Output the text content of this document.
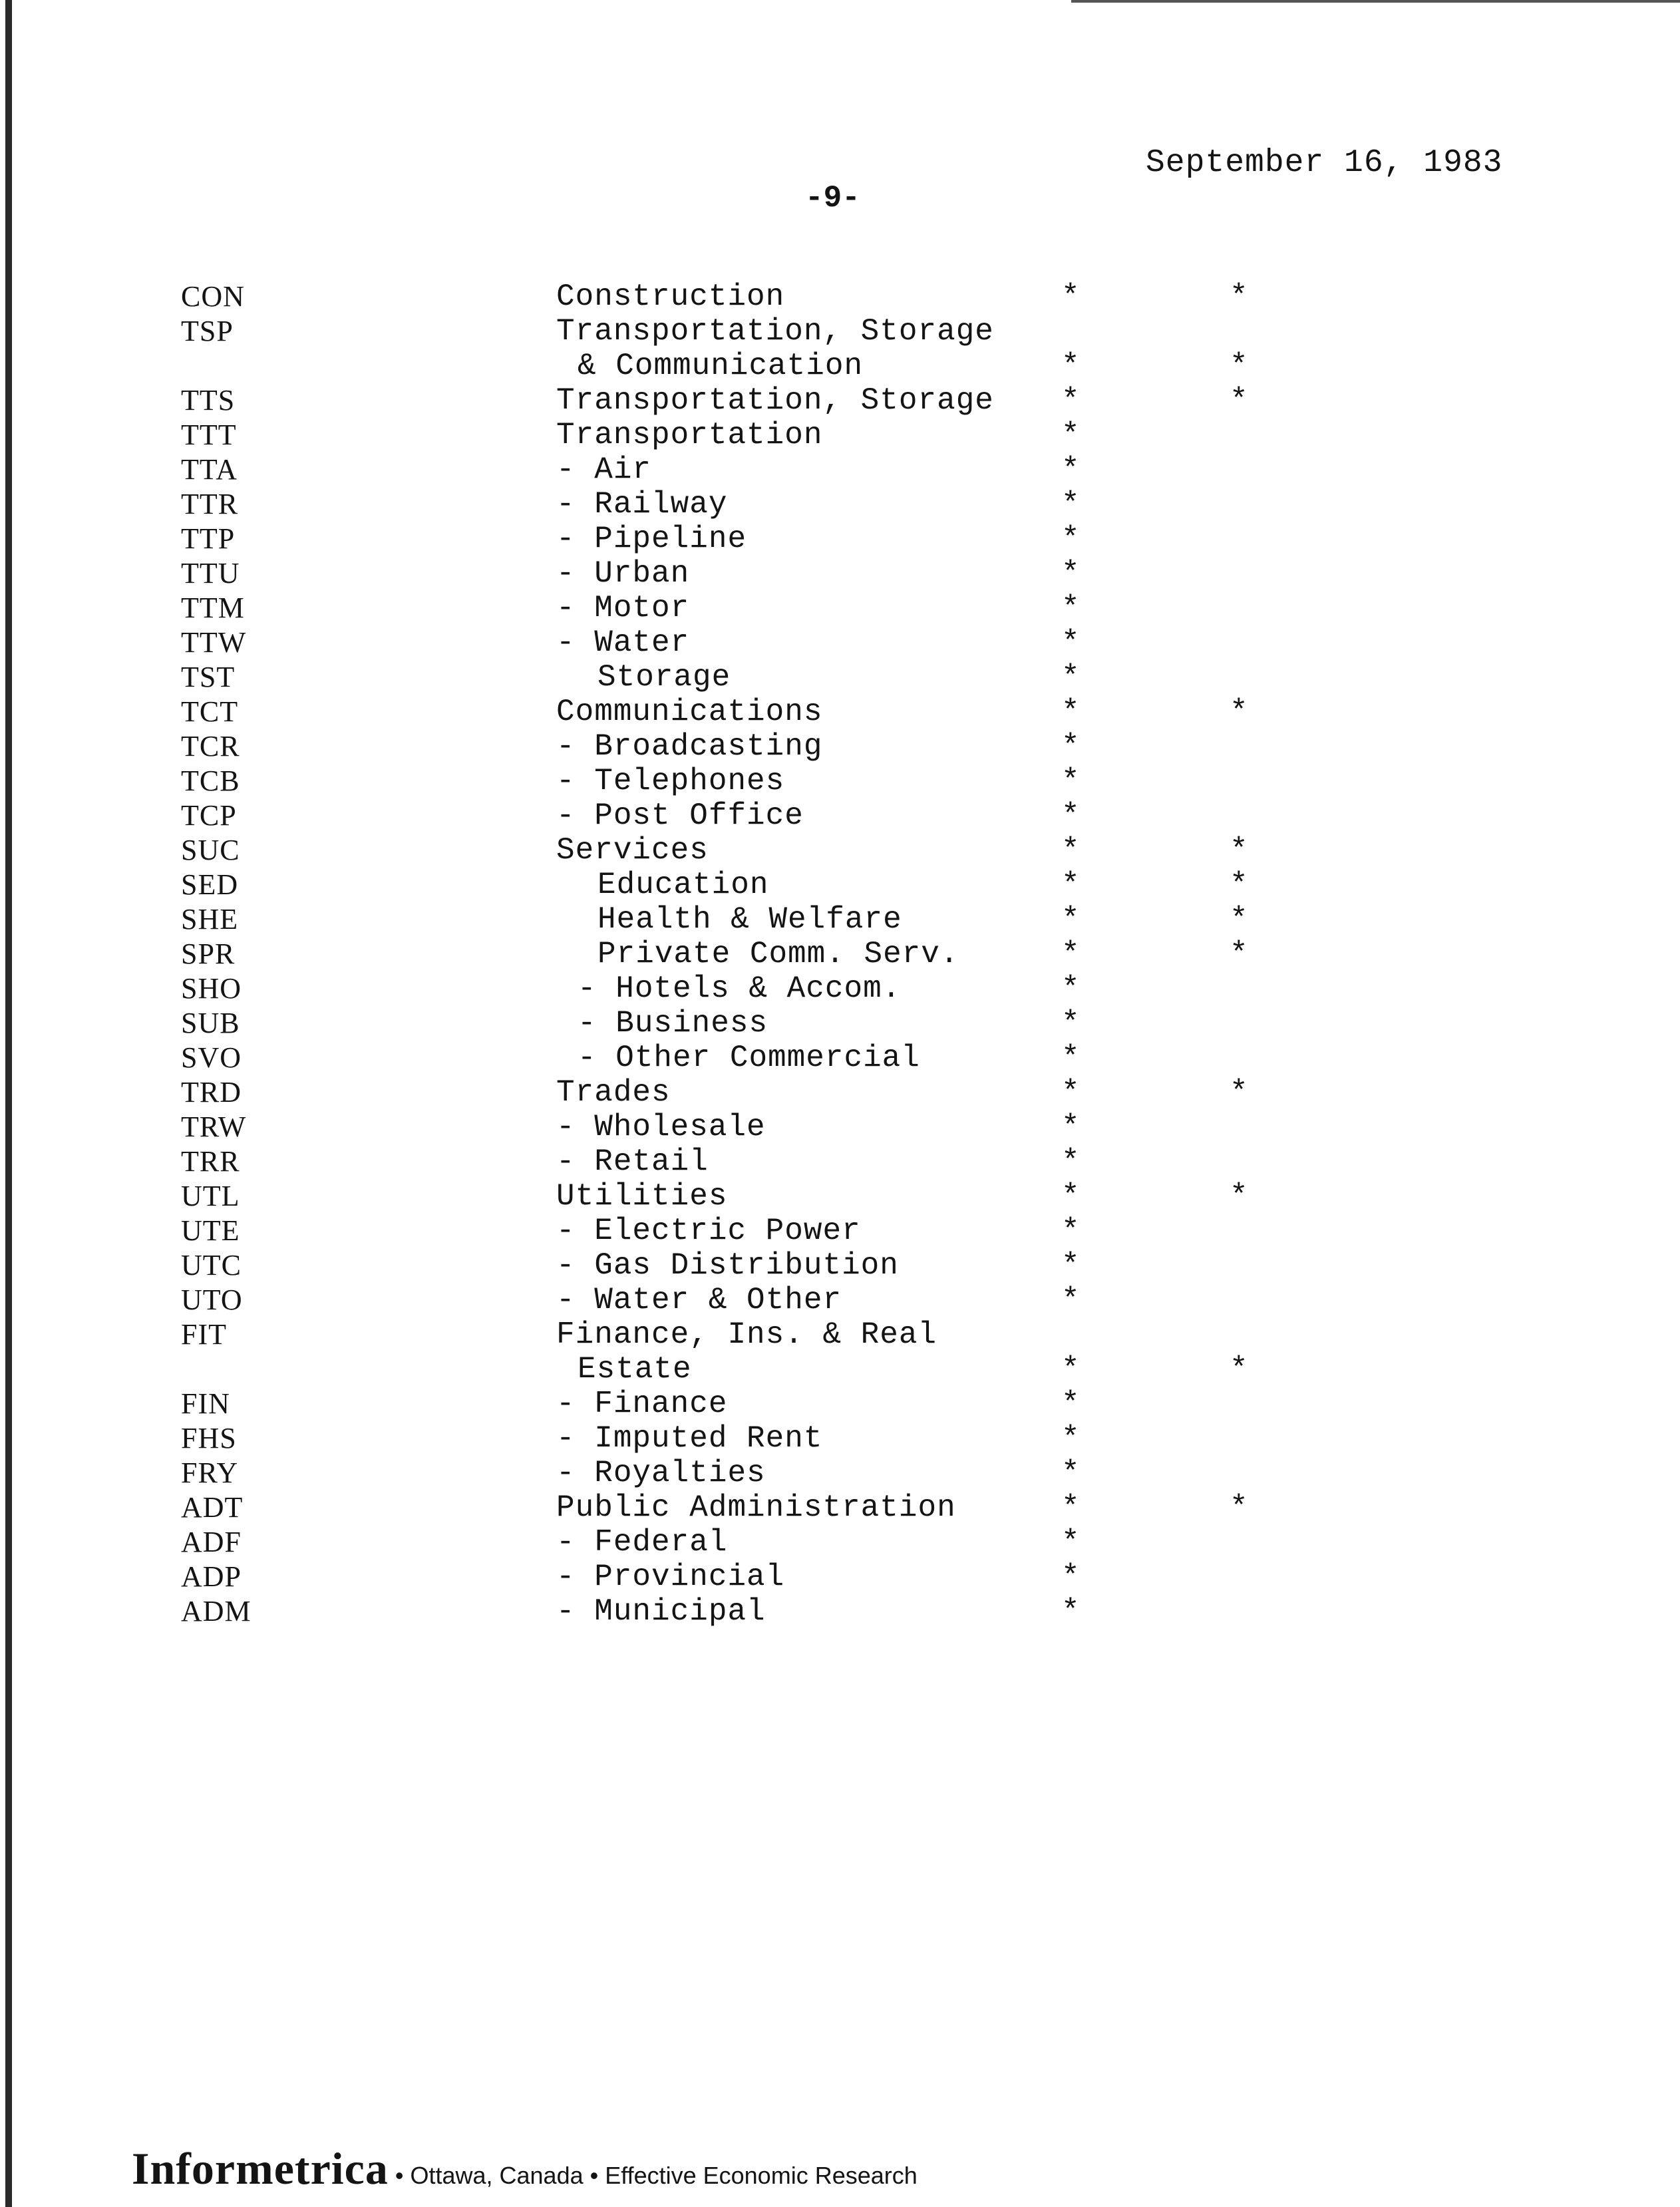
September 16, 1983
-9-
CON	Construction	*	*
TSP	Transportation, Storage
& Communication	*	*
TTS	Transportation, Storage *	*
TTT	Transportation	*
TTA	- Air	*
TTR	- Railway	*
TTP	- Pipeline	*
TTU	- Urban	*
TTM	- Motor	*
TTW	- Water	*
TST	Storage	*
TCT	Communications	*	*
TCR	- Broadcasting	*
TCB	- Telephones	*
TCP	- Post Office	*
SUC	Services	*	*
SED	Education	*	*
SHE	Health & Welfare	*	*
SPR	Private Comm. Serv.	*	*
SHO	- Hotels & Accom.	*
SUB	- Business	*
SVO	- Other Commercial	*
TRD	Trades	*	*
TRW	- Wholesale	*
TRR	- Retail	*
UTL	Utilities	*	*
UTE	- Electric Power	*
UTC	- Gas Distribution	*
UTO	- Water & Other	*
FIT	Finance, Ins. & Real
Estate	*	*
FIN	- Finance	*
FHS	- Imputed Rent	*
FRY	- Royalties	*
ADT	Public Administration	*	*
ADF	- Federal	*
ADP	- Provincial	*
ADM	- Municipal	*
Informetrica • Ottawa, Canada • Effective Economic Research
